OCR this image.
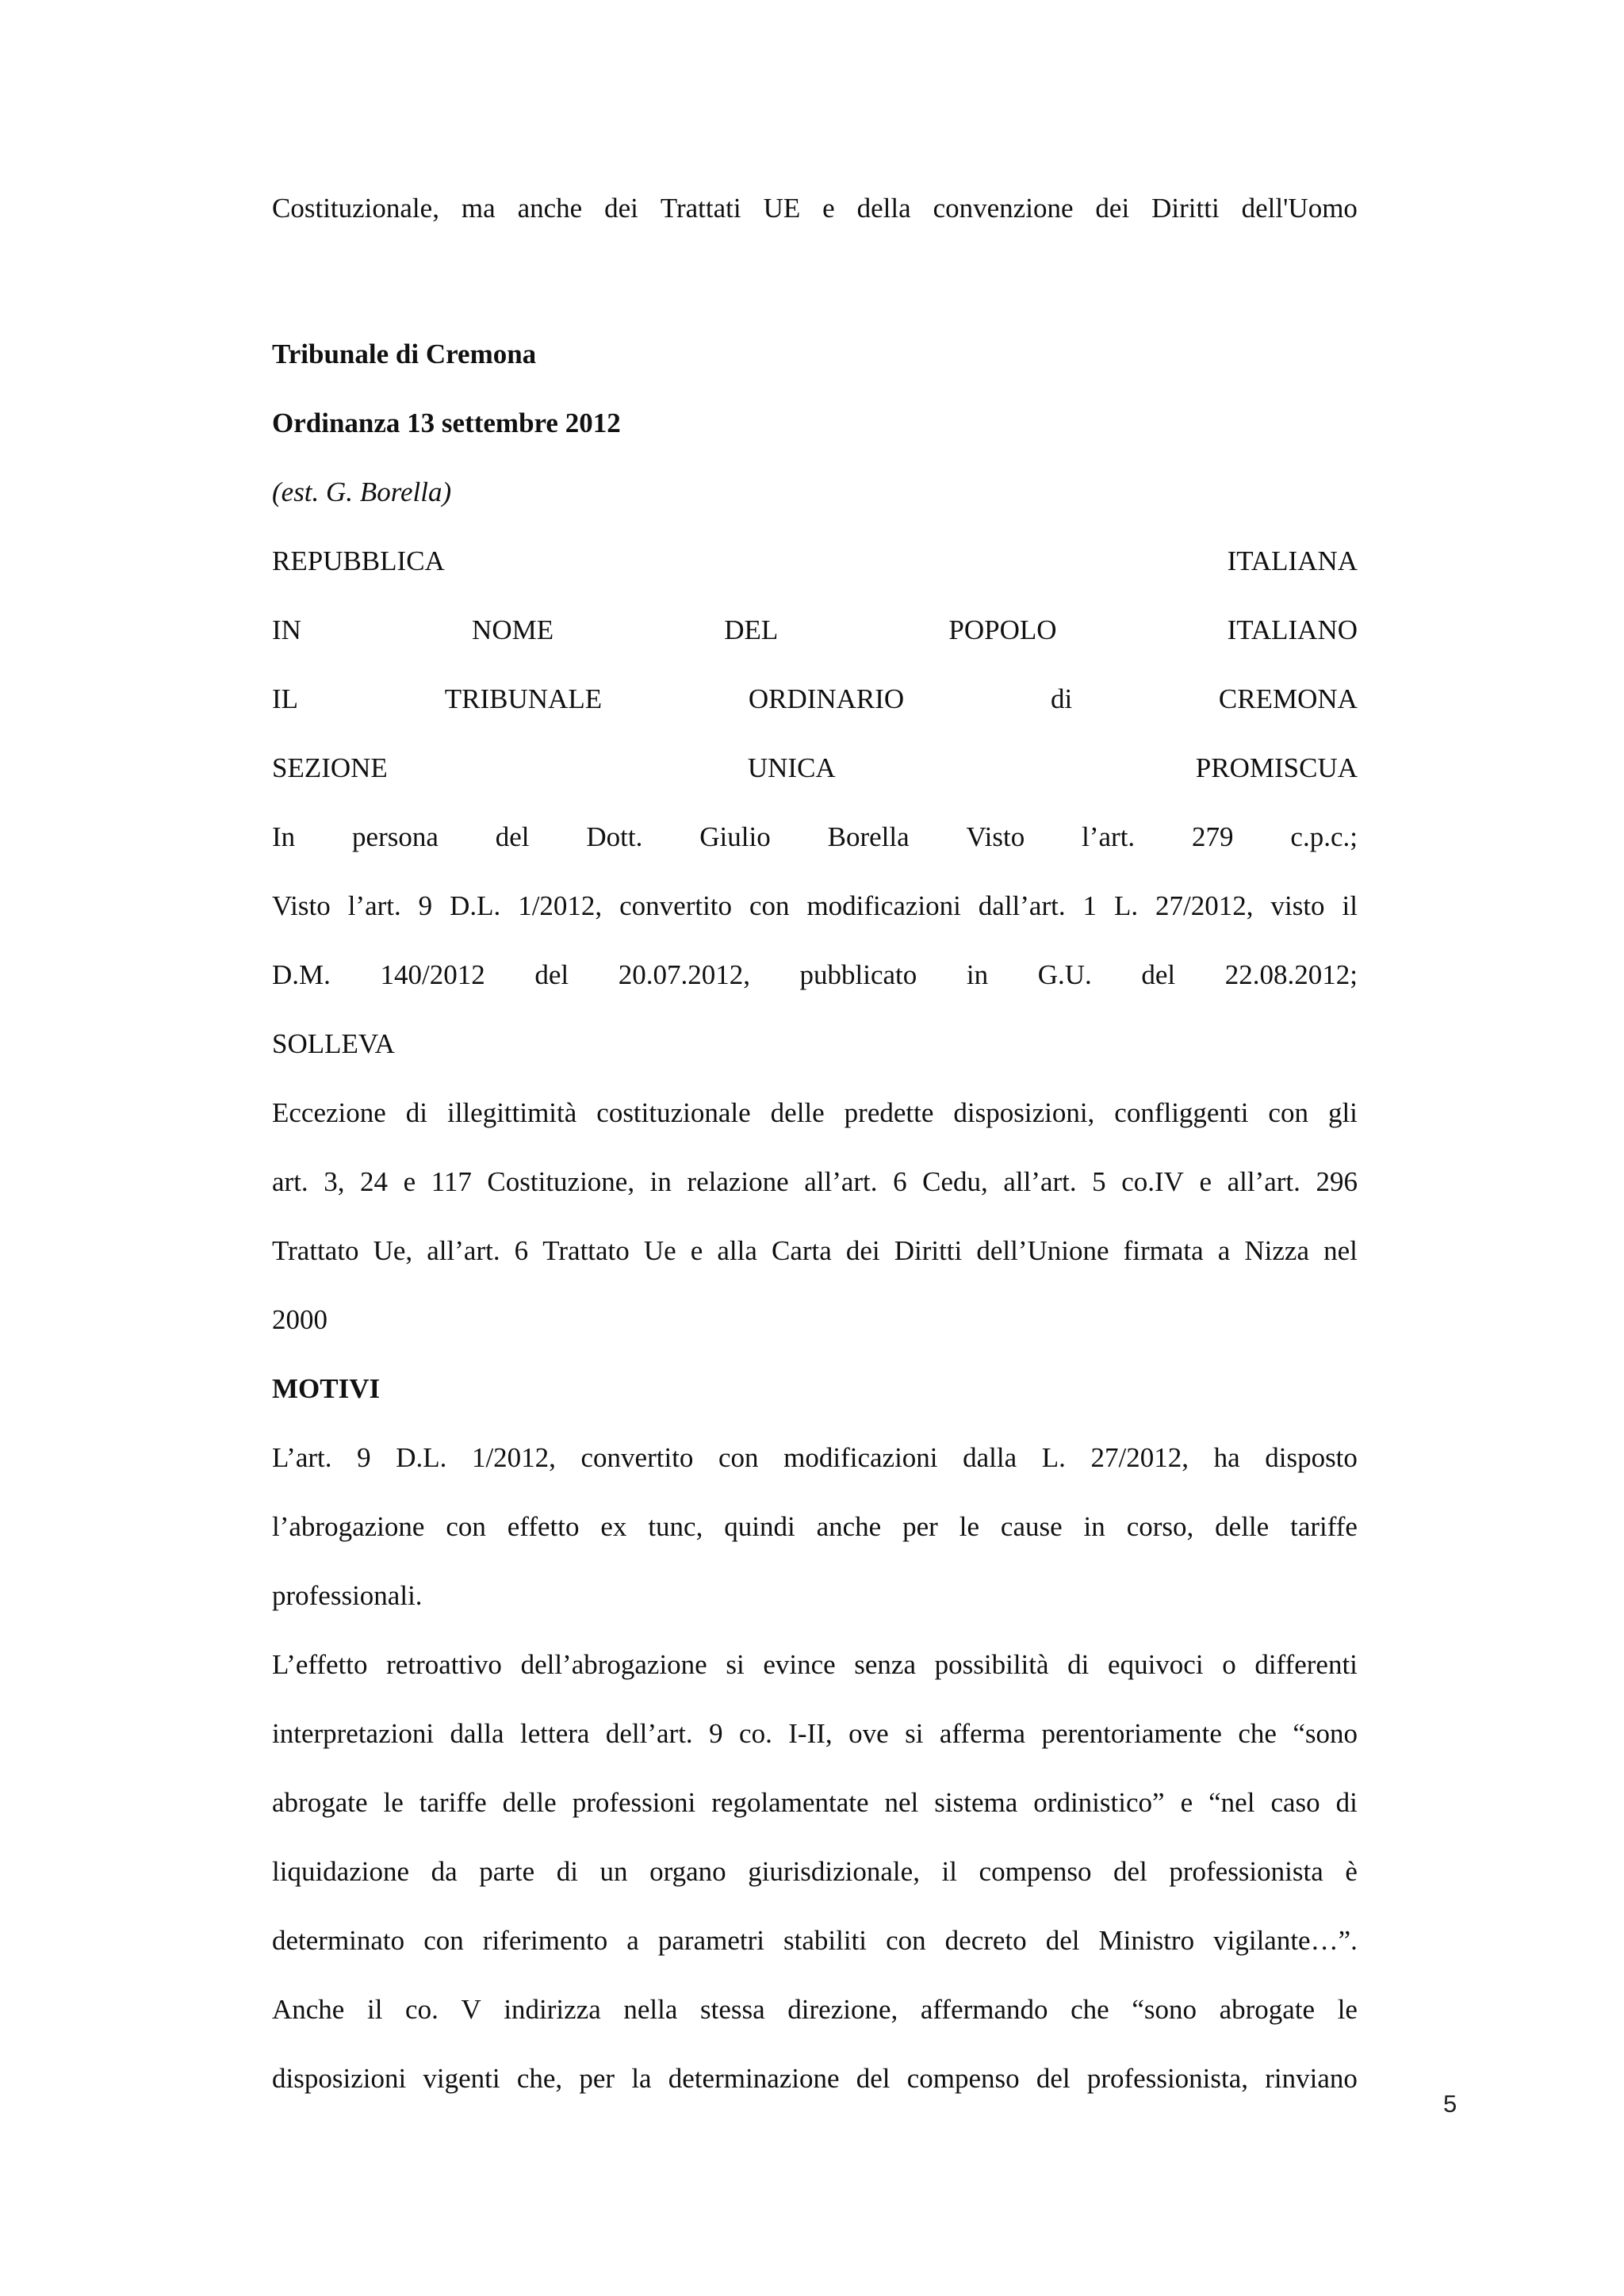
Costituzionale, ma anche dei Trattati UE e della convenzione dei Diritti dell'Uomo
Tribunale di Cremona
Ordinanza 13 settembre 2012
(est. G. Borella)
REPUBBLICA	ITALIANA
IN	NOME	DEL	POPOLO	ITALIANO
IL	TRIBUNALE	ORDINARIO	di	CREMONA
SEZIONE	UNICA	PROMISCUA
In persona del Dott. Giulio Borella Visto l’art. 279 c.p.c.;
Visto l’art. 9 D.L. 1/2012, convertito con modificazioni dall’art. 1 L. 27/2012, visto il
D.M. 140/2012 del 20.07.2012, pubblicato in G.U. del 22.08.2012;
SOLLEVA
Eccezione di illegittimità costituzionale delle predette disposizioni, confliggenti con gli
art. 3, 24 e 117 Costituzione, in relazione all’art. 6 Cedu, all’art. 5 co.IV e all’art. 296
Trattato Ue, all’art. 6 Trattato Ue e alla Carta dei Diritti dell’Unione firmata a Nizza nel
2000
MOTIVI
L’art. 9 D.L. 1/2012, convertito con modificazioni dalla L. 27/2012, ha disposto
l’abrogazione con effetto ex tunc, quindi anche per le cause in corso, delle tariffe
professionali.
L’effetto retroattivo dell’abrogazione si evince senza possibilità di equivoci o differenti
interpretazioni dalla lettera dell’art. 9 co. I-II, ove si afferma perentoriamente che “sono
abrogate le tariffe delle professioni regolamentate nel sistema ordinistico” e “nel caso di
liquidazione da parte di un organo giurisdizionale, il compenso del professionista è
determinato con riferimento a parametri stabiliti con decreto del Ministro vigilante…”.
Anche il co. V indirizza nella stessa direzione, affermando che “sono abrogate le
disposizioni vigenti che, per la determinazione del compenso del professionista, rinviano
5
